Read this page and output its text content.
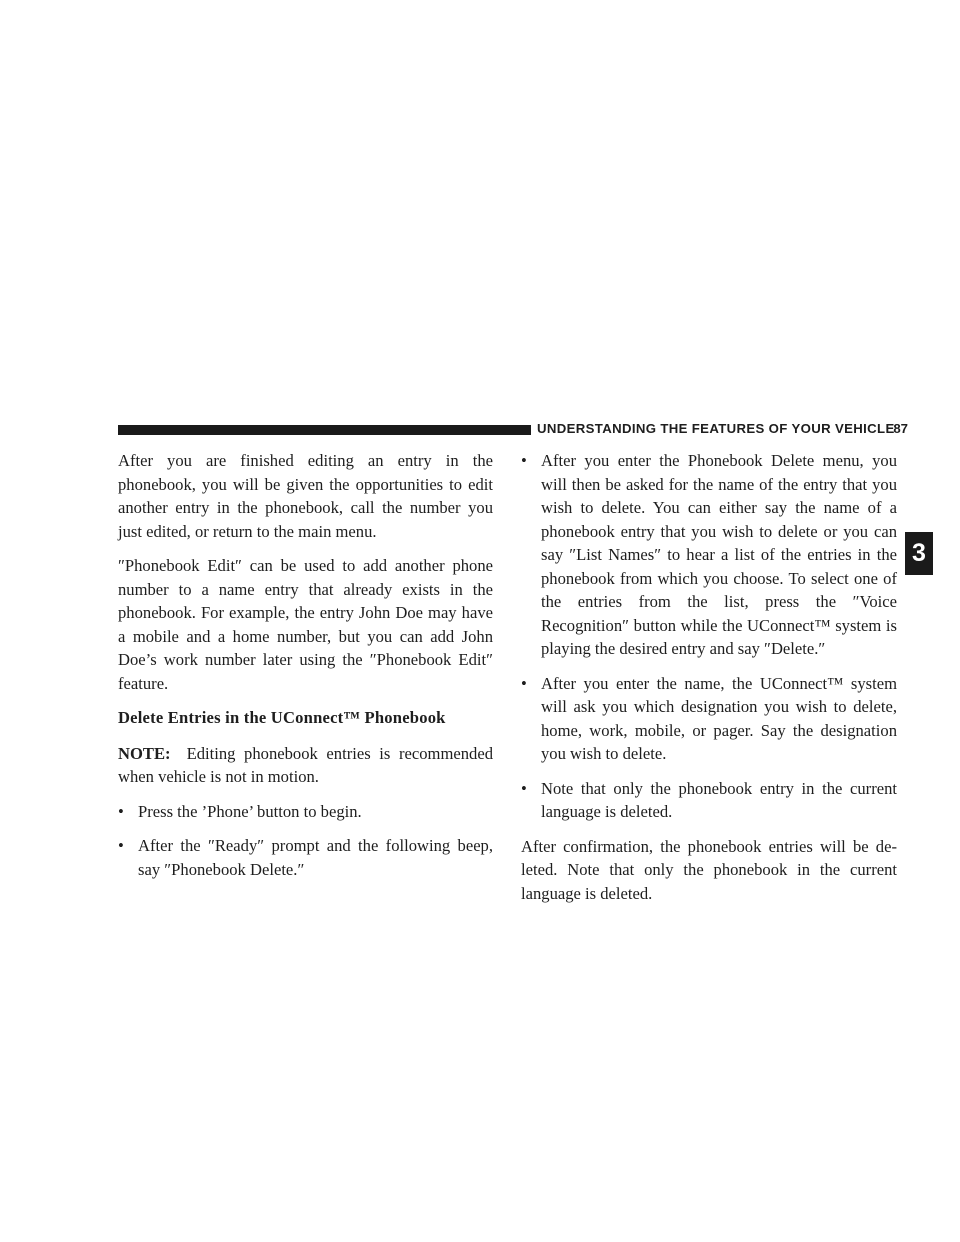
UNDERSTANDING THE FEATURES OF YOUR VEHICLE
87
3

After you are finished editing an entry in the phonebook, you will be given the opportunities to edit another entry in the phonebook, call the number you just edited, or return to the main menu.

″Phonebook Edit″ can be used to add another phone number to a name entry that already exists in the phonebook. For example, the entry John Doe may have a mobile and a home number, but you can add John Doe’s work number later using the ″Phonebook Edit″ feature.

Delete Entries in the UConnect™ Phonebook

NOTE: Editing phonebook entries is recommended when vehicle is not in motion.

• Press the ’Phone’ button to begin.
• After the ″Ready″ prompt and the following beep, say ″Phonebook Delete.″
• After you enter the Phonebook Delete menu, you will then be asked for the name of the entry that you wish to delete. You can either say the name of a phonebook entry that you wish to delete or you can say ″List Names″ to hear a list of the entries in the phonebook from which you choose. To select one of the entries from the list, press the ″Voice Recognition″ button while the UConnect™ system is playing the desired entry and say ″Delete.″
• After you enter the name, the UConnect™ system will ask you which designation you wish to delete, home, work, mobile, or pager. Say the designation you wish to delete.
• Note that only the phonebook entry in the current language is deleted.

After confirmation, the phonebook entries will be de-leted. Note that only the phonebook in the current language is deleted.
